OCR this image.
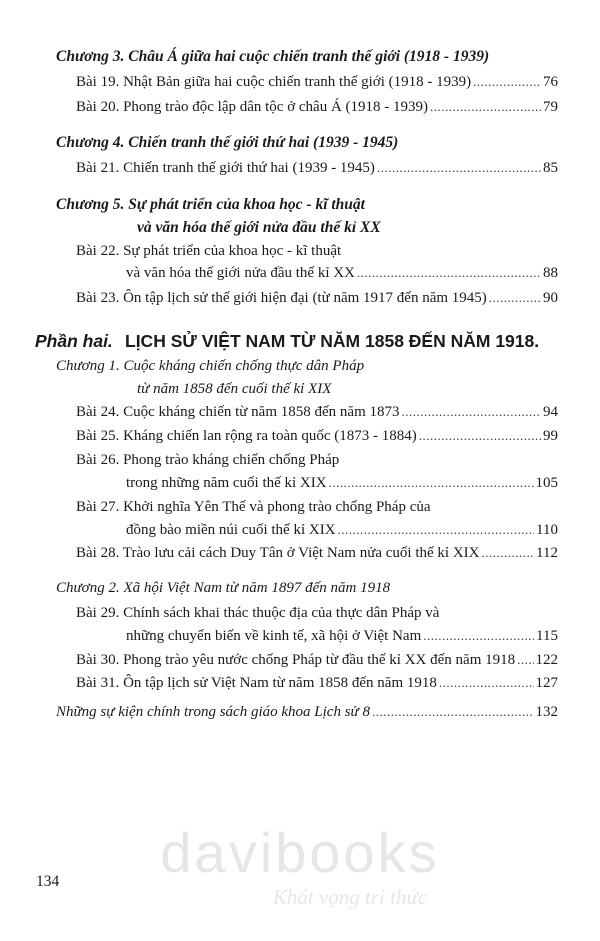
Chương 3. Châu Á giữa hai cuộc chiến tranh thế giới (1918 - 1939)
Bài 19. Nhật Bản giữa hai cuộc chiến tranh thế giới (1918 - 1939) .....	76
Bài 20. Phong trào độc lập dân tộc ở châu Á (1918 - 1939) .....	79
Chương 4. Chiến tranh thế giới thứ hai (1939 - 1945)
Bài 21. Chiến tranh thế giới thứ hai (1939 - 1945) .....	85
Chương 5. Sự phát triển của khoa học - kĩ thuật
và văn hóa thế giới nửa đầu thế kỉ XX
Bài 22. Sự phát triển của khoa học - kĩ thuật
và văn hóa thế giới nửa đầu thế kỉ XX .....	88
Bài 23. Ôn tập lịch sử thế giới hiện đại (từ năm 1917 đến năm 1945) .....	90
Phần hai. LỊCH SỬ VIỆT NAM TỪ NĂM 1858 ĐẾN NĂM 1918.
Chương 1. Cuộc kháng chiến chống thực dân Pháp
từ năm 1858 đến cuối thế kỉ XIX
Bài 24. Cuộc kháng chiến từ năm 1858 đến năm 1873 .....	94
Bài 25. Kháng chiến lan rộng ra toàn quốc (1873 - 1884) .....	99
Bài 26. Phong trào kháng chiến chống Pháp
trong những năm cuối thế kỉ XIX .....	105
Bài 27. Khởi nghĩa Yên Thế và phong trào chống Pháp của
đồng bào miền núi cuối thế kỉ XIX .....	110
Bài 28. Trào lưu cải cách Duy Tân ở Việt Nam nửa cuối thế kỉ XIX .....	112
Chương 2. Xã hội Việt Nam từ năm 1897 đến năm 1918
Bài 29. Chính sách khai thác thuộc địa của thực dân Pháp và
những chuyển biến về kinh tế, xã hội ở Việt Nam .....	115
Bài 30. Phong trào yêu nước chống Pháp từ đầu thế kỉ XX đến năm 1918 ..... 122
Bài 31. Ôn tập lịch sử Việt Nam từ năm 1858 đến năm 1918 .....	127
Những sự kiện chính trong sách giáo khoa Lịch sử 8 .....	132
davibooks
Khát vọng tri thức
134
